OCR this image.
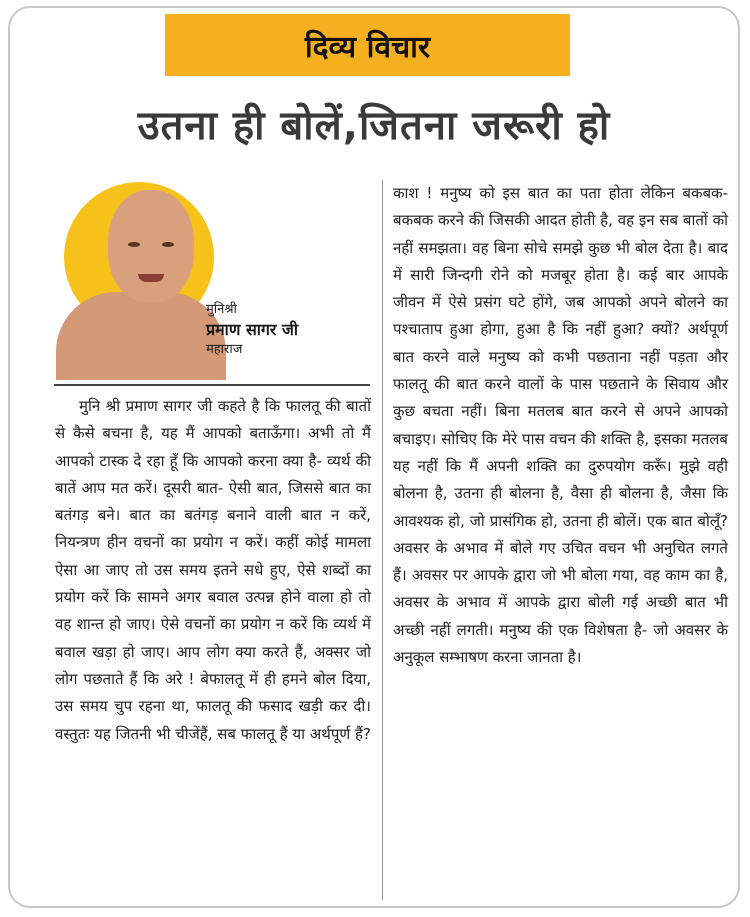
दिव्य विचार
उतना ही बोलें,जितना जरूरी हो
मुनिश्री
प्रमाण सागर जी
महाराज
मुनि श्री प्रमाण सागर जी कहते है कि फालतू की बातों से कैसे बचना है, यह मैं आपको बताऊँगा। अभी तो मैं आपको टास्क दे रहा हूँ कि आपको करना क्या है- व्यर्थ की बातें आप मत करें। दूसरी बात- ऐसी बात, जिससे बात का बतंगड़ बने। बात का बतंगड़ बनाने वाली बात न करें, नियन्त्रण हीन वचनों का प्रयोग न करें। कहीं कोई मामला ऐसा आ जाए तो उस समय इतने सधे हुए, ऐसे शब्दों का प्रयोग करें कि सामने अगर बवाल उत्पन्न होने वाला हो तो वह शान्त हो जाए। ऐसे वचनों का प्रयोग न करें कि व्यर्थ में बवाल खड़ा हो जाए। आप लोग क्या करते हैं, अक्सर जो लोग पछताते हैं कि अरे ! बेफालतू में ही हमने बोल दिया, उस समय चुप रहना था, फालतू की फसाद खड़ी कर दी। वस्तुतः यह जितनी भी चीजेंहैं, सब फालतू हैं या अर्थपूर्ण हैं?
काश ! मनुष्य को इस बात का पता होता लेकिन बकबक-बकबक करने की जिसकी आदत होती है, वह इन सब बातों को नहीं समझता। वह बिना सोचे समझे कुछ भी बोल देता है। बाद में सारी जिन्दगी रोने को मजबूर होता है। कई बार आपके जीवन में ऐसे प्रसंग घटे होंगे, जब आपको अपने बोलने का पश्चाताप हुआ होगा, हुआ है कि नहीं हुआ? क्यों? अर्थपूर्ण बात करने वाले मनुष्य को कभी पछताना नहीं पड़ता और फालतू की बात करने वालों के पास पछताने के सिवाय और कुछ बचता नहीं। बिना मतलब बात करने से अपने आपको बचाइए। सोचिए कि मेरे पास वचन की शक्ति है, इसका मतलब यह नहीं कि मैं अपनी शक्ति का दुरुपयोग करूँ। मुझे वही बोलना है, उतना ही बोलना है, वैसा ही बोलना है, जैसा कि आवश्यक हो, जो प्रासंगिक हो, उतना ही बोलें। एक बात बोलूँ? अवसर के अभाव में बोले गए उचित वचन भी अनुचित लगते हैं। अवसर पर आपके द्वारा जो भी बोला गया, वह काम का है, अवसर के अभाव में आपके द्वारा बोली गई अच्छी बात भी अच्छी नहीं लगती। मनुष्य की एक विशेषता है- जो अवसर के अनुकूल सम्भाषण करना जानता है।
